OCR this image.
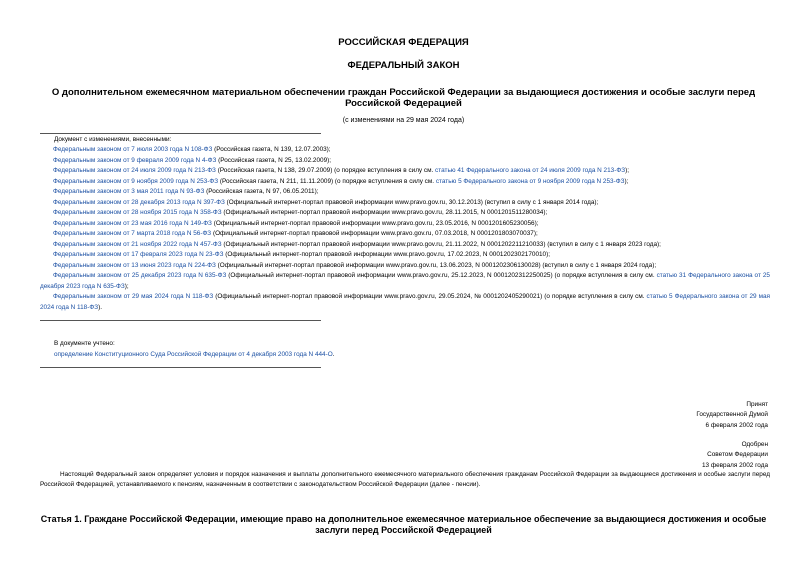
РОССИЙСКАЯ ФЕДЕРАЦИЯ
ФЕДЕРАЛЬНЫЙ ЗАКОН
О дополнительном ежемесячном материальном обеспечении граждан Российской Федерации за выдающиеся достижения и особые заслуги перед Российской Федерацией
(с изменениями на 29 мая 2024 года)
Документ с изменениями, внесенными:
Федеральным законом от 7 июля 2003 года N 108-ФЗ (Российская газета, N 139, 12.07.2003);
Федеральным законом от 9 февраля 2009 года N 4-ФЗ (Российская газета, N 25, 13.02.2009);
Федеральным законом от 24 июля 2009 года N 213-ФЗ (Российская газета, N 138, 29.07.2009) (о порядке вступления в силу см. статью 41 Федерального закона от 24 июля 2009 года N 213-ФЗ);
Федеральным законом от 9 ноября 2009 года N 253-ФЗ (Российская газета, N 211, 11.11.2009) (о порядке вступления в силу см. статью 5 Федерального закона от 9 ноября 2009 года N 253-ФЗ);
Федеральным законом от 3 мая 2011 года N 93-ФЗ (Российская газета, N 97, 06.05.2011);
Федеральным законом от 28 декабря 2013 года N 397-ФЗ (Официальный интернет-портал правовой информации www.pravo.gov.ru, 30.12.2013) (вступил в силу с 1 января 2014 года);
Федеральным законом от 28 ноября 2015 года N 358-ФЗ (Официальный интернет-портал правовой информации www.pravo.gov.ru, 28.11.2015, N 0001201511280034);
Федеральным законом от 23 мая 2016 года N 149-ФЗ (Официальный интернет-портал правовой информации www.pravo.gov.ru, 23.05.2016, N 0001201605230056);
Федеральным законом от 7 марта 2018 года N 56-ФЗ (Официальный интернет-портал правовой информации www.pravo.gov.ru, 07.03.2018, N 0001201803070037);
Федеральным законом от 21 ноября 2022 года N 457-ФЗ (Официальный интернет-портал правовой информации www.pravo.gov.ru, 21.11.2022, N 0001202211210033) (вступил в силу с 1 января 2023 года);
Федеральным законом от 17 февраля 2023 года N 23-ФЗ (Официальный интернет-портал правовой информации www.pravo.gov.ru, 17.02.2023, N 0001202302170010);
Федеральным законом от 13 июня 2023 года N 224-ФЗ (Официальный интернет-портал правовой информации www.pravo.gov.ru, 13.06.2023, N 0001202306130028) (вступил в силу с 1 января 2024 года);
Федеральным законом от 25 декабря 2023 года N 635-ФЗ (Официальный интернет-портал правовой информации www.pravo.gov.ru, 25.12.2023, N 0001202312250025) (о порядке вступления в силу см. статью 31 Федерального закона от 25 декабря 2023 года N 635-ФЗ);
Федеральным законом от 29 мая 2024 года N 118-ФЗ (Официальный интернет-портал правовой информации www.pravo.gov.ru, 29.05.2024, № 0001202405290021) (о порядке вступления в силу см. статью 5 Федерального закона от 29 мая 2024 года N 118-ФЗ).
В документе учтено:
определение Конституционного Суда Российской Федерации от 4 декабря 2003 года N 444-О.
Принят
Государственной Думой
6 февраля 2002 года
Одобрен
Советом Федерации
13 февраля 2002 года
Настоящий Федеральный закон определяет условия и порядок назначения и выплаты дополнительного ежемесячного материального обеспечения гражданам Российской Федерации за выдающиеся достижения и особые заслуги перед Российской Федерацией, устанавливаемого к пенсиям, назначенным в соответствии с законодательством Российской Федерации (далее - пенсии).
Статья 1. Граждане Российской Федерации, имеющие право на дополнительное ежемесячное материальное обеспечение за выдающиеся достижения и особые заслуги перед Российской Федерацией
